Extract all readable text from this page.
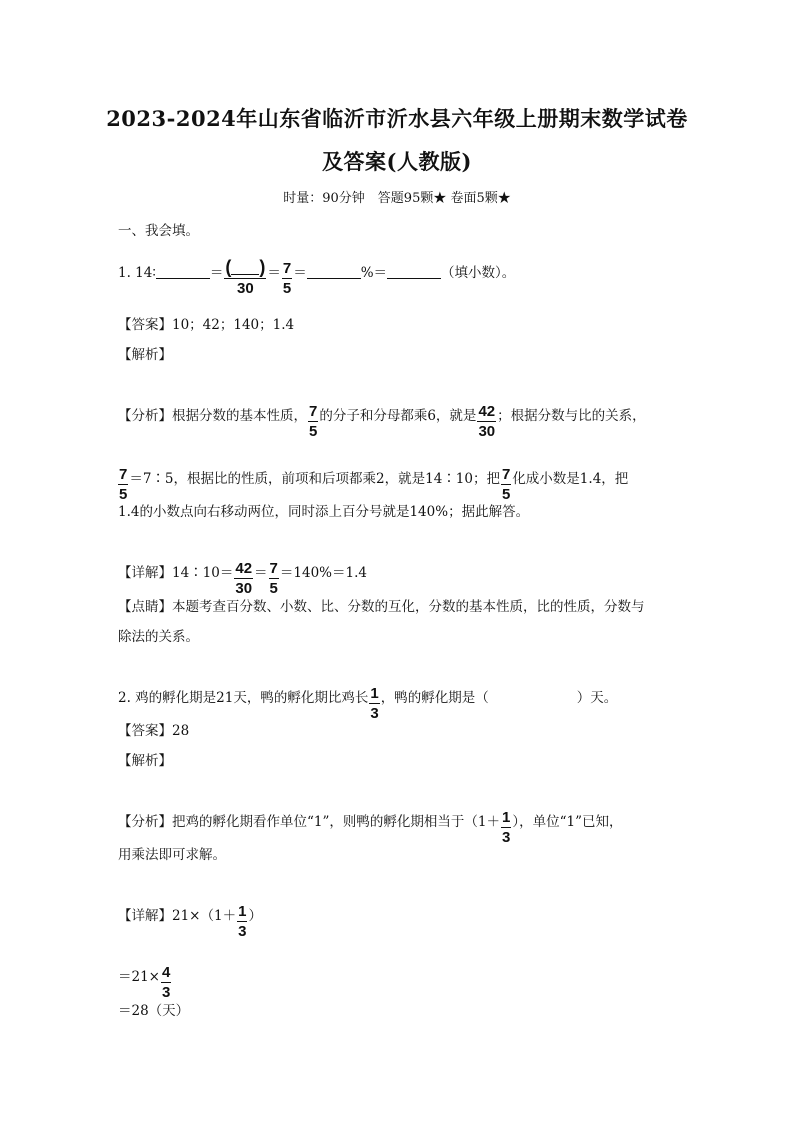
2023-2024年山东省临沂市沂水县六年级上册期末数学试卷
及答案(人教版)
时量：90分钟　答题95颗★ 卷面5颗★
一、我会填。
1. 14∶	＝ $\frac{( )}{30} = \frac{7}{5}$ ＝	%＝	（填小数）。
【答案】10；42；140；1.4
【解析】
【分析】根据分数的基本性质， $\frac{7}{5}$ 的分子和分母都乘6，就是 $\frac{42}{30}$ ；根据分数与比的关系，
$\frac{7}{5}$ ＝7∶5，根据比的性质，前项和后项都乘2，就是14∶10；把 $\frac{7}{5}$ 化成小数是1.4，把
1.4的小数点向右移动两位，同时添上百分号就是140%；据此解答。
【详解】14∶10＝ $\frac{42}{30} = \frac{7}{5} =140\%=1.4$
【点睛】本题考查百分数、小数、比、分数的互化，分数的基本性质，比的性质，分数与
除法的关系。
2. 鸡的孵化期是21天，鸭的孵化期比鸡长 $\frac{1}{3}$ ，鸭的孵化期是（	）天。
【答案】28
【解析】
【分析】把鸡的孵化期看作单位“1”，则鸭的孵化期相当于（$1+ \frac{1}{3}$ ），单位“1”已知，
用乘法即可求解。
【详解】$21\times(1+ \frac{1}{3}$ ）
$=21\times \frac{4}{3}$
＝28（天）
